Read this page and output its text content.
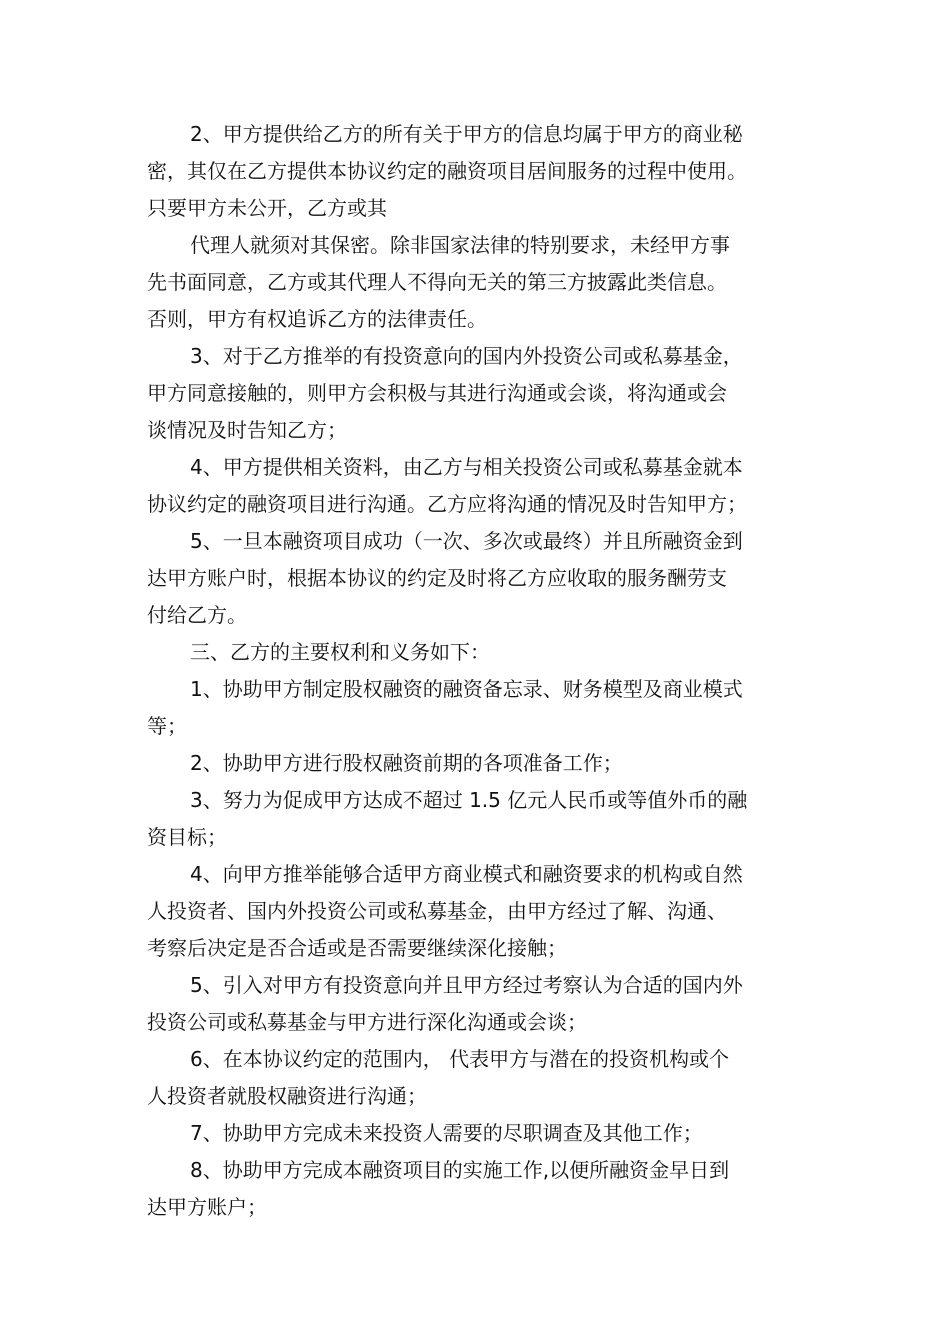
2、甲方提供给乙方的所有关于甲方的信息均属于甲方的商业秘
密，其仅在乙方提供本协议约定的融资项目居间服务的过程中使用。
只要甲方未公开，乙方或其
代理人就须对其保密。除非国家法律的特别要求，未经甲方事
先书面同意，乙方或其代理人不得向无关的第三方披露此类信息。
否则，甲方有权追诉乙方的法律责任。
3、对于乙方推举的有投资意向的国内外投资公司或私募基金，
甲方同意接触的，则甲方会积极与其进行沟通或会谈，将沟通或会
谈情况及时告知乙方；
4、甲方提供相关资料，由乙方与相关投资公司或私募基金就本
协议约定的融资项目进行沟通。乙方应将沟通的情况及时告知甲方；
5、一旦本融资项目成功（一次、多次或最终）并且所融资金到
达甲方账户时，根据本协议的约定及时将乙方应收取的服务酬劳支
付给乙方。
三、乙方的主要权利和义务如下：
1、协助甲方制定股权融资的融资备忘录、财务模型及商业模式
等；
2、协助甲方进行股权融资前期的各项准备工作；
3、努力为促成甲方达成不超过 1.5 亿元人民币或等值外币的融
资目标；
4、向甲方推举能够合适甲方商业模式和融资要求的机构或自然
人投资者、国内外投资公司或私募基金，由甲方经过了解、沟通、
考察后决定是否合适或是否需要继续深化接触；
5、引入对甲方有投资意向并且甲方经过考察认为合适的国内外
投资公司或私募基金与甲方进行深化沟通或会谈；
6、在本协议约定的范围内， 代表甲方与潜在的投资机构或个
人投资者就股权融资进行沟通；
7、协助甲方完成未来投资人需要的尽职调查及其他工作；
8、协助甲方完成本融资项目的实施工作,以便所融资金早日到
达甲方账户；
